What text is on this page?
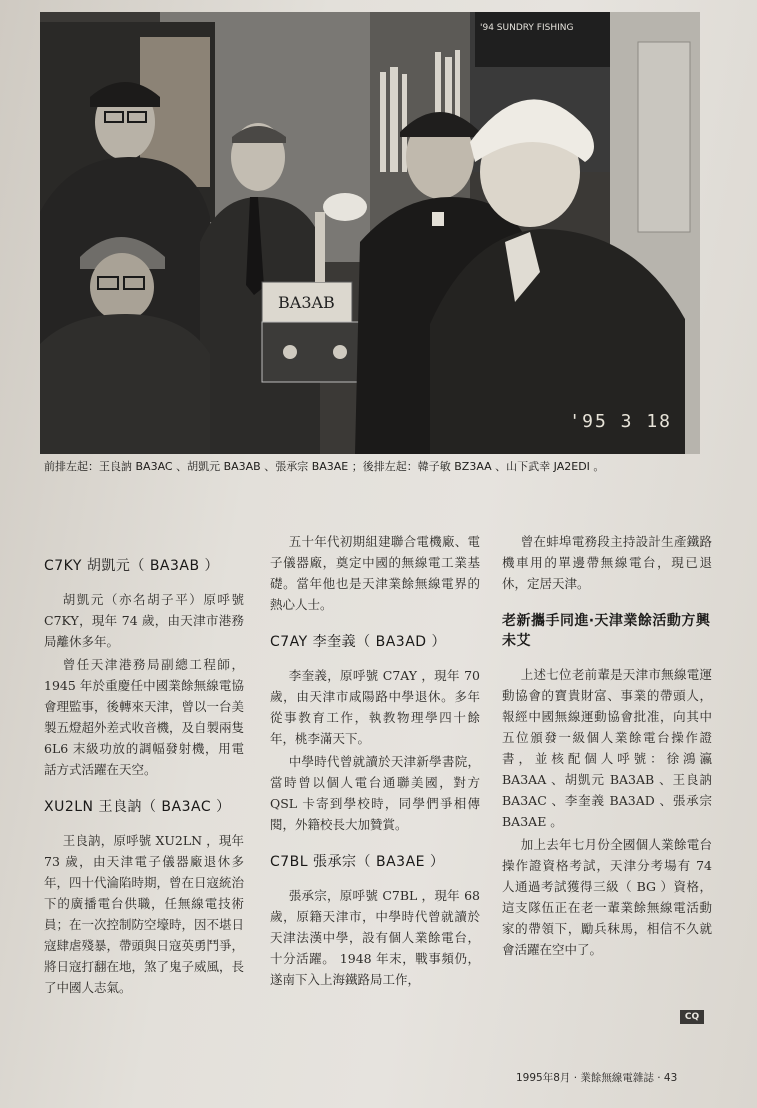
'94 SUNDRY FISHING
BA3AB
'95 3 18
前排左起：王良訥 BA3AC 、胡凱元 BA3AB 、張承宗 BA3AE ；後排左起：韓子敏 BZ3AA 、山下武幸 JA2EDI 。
C7KY 胡凱元（ BA3AB ）

胡凱元（亦名胡子平）原呼號 C7KY，現年 74 歲，由天津市港務局離休多年。

曾任天津港務局副總工程師，1945 年於重慶任中國業餘無線電協會理監事，後轉來天津，曾以一台美製五燈超外差式收音機，及自製兩隻 6L6 末級功放的調幅發射機，用電話方式活躍在天空。

XU2LN 王良訥（ BA3AC ）

王良訥，原呼號 XU2LN ，現年 73 歲，由天津電子儀器廠退休多年，四十代淪陷時期，曾在日寇統治下的廣播電台供職，任無線電技術員；在一次控制防空壕時，因不堪日寇肆虐殘暴，帶頭與日寇英勇鬥爭，將日寇打翻在地，煞了鬼子威風，長了中國人志氣。

五十年代初期組建聯合電機廠、電子儀器廠，奠定中國的無線電工業基礎。當年他也是天津業餘無線電界的熱心人士。

C7AY 李奎義（ BA3AD ）

李奎義，原呼號 C7AY ，現年 70 歲，由天津市咸陽路中學退休。多年從事教育工作，執教物理學四十餘年，桃李滿天下。

中學時代曾就讀於天津新學書院，當時曾以個人電台通聯美國，對方 QSL 卡寄到學校時，同學們爭相傳閱，外籍校長大加贊賞。

C7BL 張承宗（ BA3AE ）

張承宗，原呼號 C7BL ，現年 68 歲，原籍天津市，中學時代曾就讀於天津法漢中學，設有個人業餘電台，十分活躍。 1948 年末，戰事頻仍，遂南下入上海鐵路局工作，

曾在蚌埠電務段主持設計生產鐵路機車用的單邊帶無線電台，現已退休，定居天津。

老新攜手同進‧天津業餘活動方興未艾

上述七位老前輩是天津市無線電運動協會的寶貴財富、事業的帶頭人，報經中國無線運動協會批准，向其中五位頒發一級個人業餘電台操作證書，並核配個人呼號：徐鴻瀛 BA3AA 、胡凱元 BA3AB 、王良訥 BA3AC 、李奎義 BA3AD 、張承宗 BA3AE 。

加上去年七月份全國個人業餘電台操作證資格考試，天津分考場有 74 人通過考試獲得三級（ BG ）資格，這支隊伍正在老一輩業餘無線電活動家的帶領下，勵兵秣馬，相信不久就會活躍在空中了。

CQ
1995年8月 ‧ 業餘無線電雜誌 ‧ 43
